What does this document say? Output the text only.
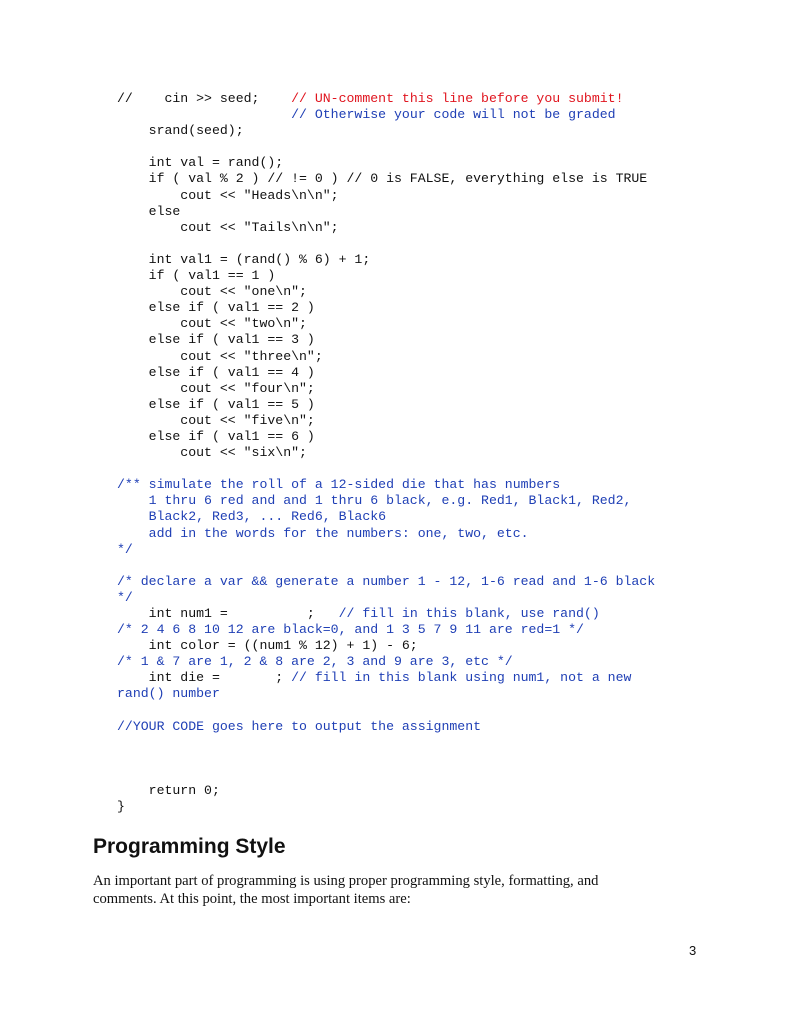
//    cin >> seed;    // UN-comment this line before you submit!
// Otherwise your code will not be graded
srand(seed);
int val = rand();
if ( val % 2 ) // != 0 ) // 0 is FALSE, everything else is TRUE
cout << "Heads\n\n";
else
cout << "Tails\n\n";
int val1 = (rand() % 6) + 1;
if ( val1 == 1 )
cout << "one\n";
else if ( val1 == 2 )
cout << "two\n";
else if ( val1 == 3 )
cout << "three\n";
else if ( val1 == 4 )
cout << "four\n";
else if ( val1 == 5 )
cout << "five\n";
else if ( val1 == 6 )
cout << "six\n";
/** simulate the roll of a 12-sided die that has numbers
1 thru 6 red and and 1 thru 6 black, e.g. Red1, Black1, Red2,
Black2, Red3, ... Red6, Black6
add in the words for the numbers: one, two, etc.
*/
/* declare a var && generate a number 1 - 12, 1-6 read and 1-6 black
*/
int num1 =          ;   // fill in this blank, use rand()
/* 2 4 6 8 10 12 are black=0, and 1 3 5 7 9 11 are red=1 */
int color = ((num1 % 12) + 1) - 6;
/* 1 & 7 are 1, 2 & 8 are 2, 3 and 9 are 3, etc */
int die =       ; // fill in this blank using num1, not a new
rand() number
//YOUR CODE goes here to output the assignment
return 0;
}
Programming Style
An important part of programming is using proper programming style, formatting, and
comments. At this point, the most important items are:
3
